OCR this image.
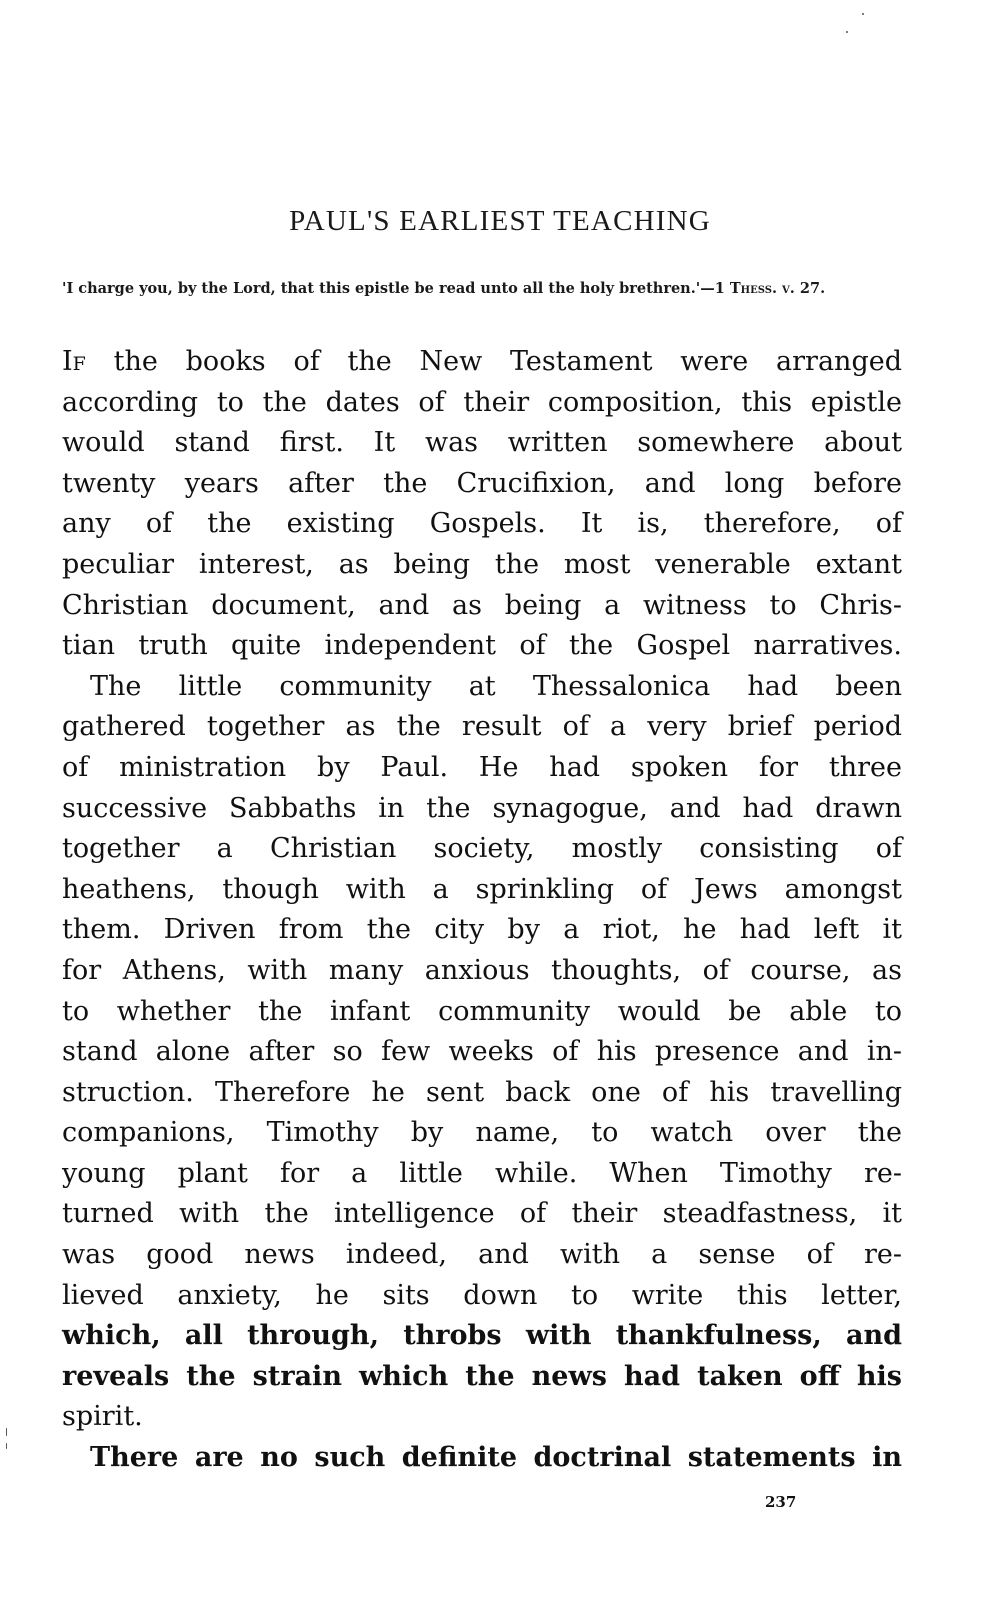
PAUL'S EARLIEST TEACHING
'I charge you, by the Lord, that this epistle be read unto all the holy brethren.'—1 Thess. v. 27.
If the books of the New Testament were arranged
according to the dates of their composition, this epistle
would stand first. It was written somewhere about
twenty years after the Crucifixion, and long before
any of the existing Gospels. It is, therefore, of
peculiar interest, as being the most venerable extant
Christian document, and as being a witness to Chris-
tian truth quite independent of the Gospel narratives.
The little community at Thessalonica had been
gathered together as the result of a very brief period
of ministration by Paul. He had spoken for three
successive Sabbaths in the synagogue, and had drawn
together a Christian society, mostly consisting of
heathens, though with a sprinkling of Jews amongst
them. Driven from the city by a riot, he had left it
for Athens, with many anxious thoughts, of course, as
to whether the infant community would be able to
stand alone after so few weeks of his presence and in-
struction. Therefore he sent back one of his travelling
companions, Timothy by name, to watch over the
young plant for a little while. When Timothy re-
turned with the intelligence of their steadfastness, it
was good news indeed, and with a sense of re-
lieved anxiety, he sits down to write this letter,
which, all through, throbs with thankfulness, and
reveals the strain which the news had taken off his
spirit.
There are no such definite doctrinal statements in
237
